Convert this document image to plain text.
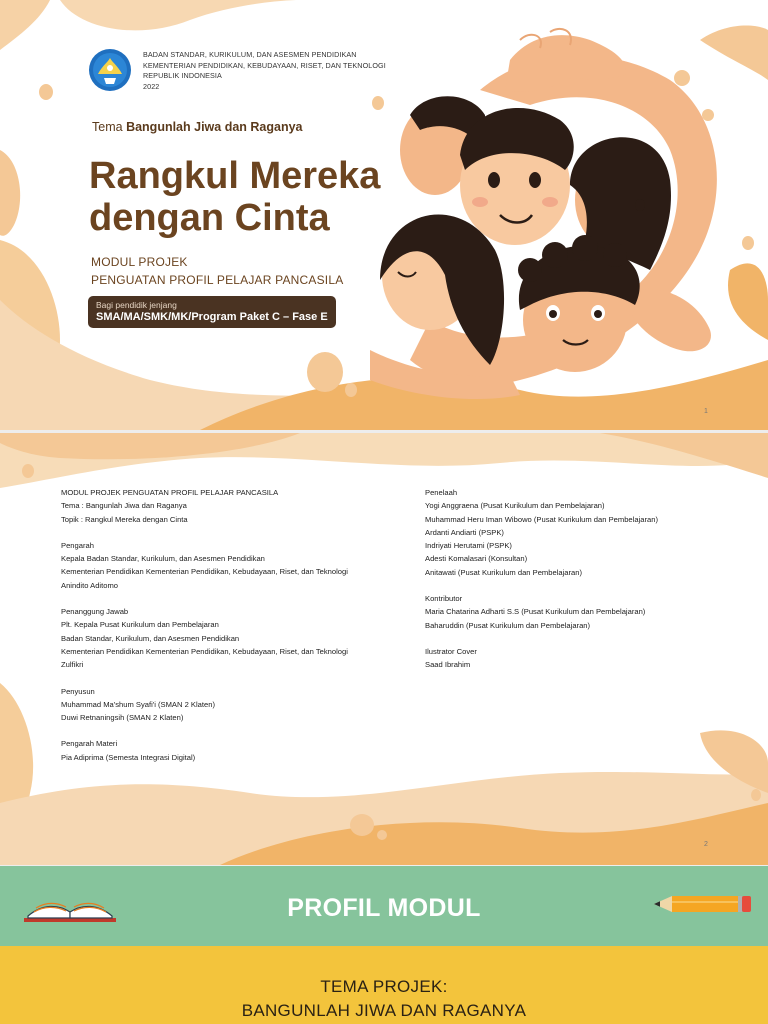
BADAN STANDAR, KURIKULUM, DAN ASESMEN PENDIDIKAN
KEMENTERIAN PENDIDIKAN, KEBUDAYAAN, RISET, DAN TEKNOLOGI
REPUBLIK INDONESIA
2022
Tema Bangunlah Jiwa dan Raganya
Rangkul Mereka
dengan Cinta
MODUL PROJEK
PENGUATAN PROFIL PELAJAR PANCASILA
Bagi pendidik jenjang
SMA/MA/SMK/MK/Program Paket C – Fase E
1
MODUL PROJEK PENGUATAN PROFIL PELAJAR PANCASILA
Tema : Bangunlah Jiwa dan Raganya
Topik : Rangkul Mereka dengan Cinta
Pengarah
Kepala Badan Standar, Kurikulum, dan Asesmen Pendidikan
Kementerian Pendidikan Kementerian Pendidikan, Kebudayaan, Riset, dan Teknologi
Anindito Aditomo
Penanggung Jawab
Plt. Kepala Pusat Kurikulum dan Pembelajaran
Badan Standar, Kurikulum, dan Asesmen Pendidikan
Kementerian Pendidikan Kementerian Pendidikan, Kebudayaan, Riset, dan Teknologi
Zulfikri
Penyusun
Muhammad Ma'shum Syafi'i (SMAN 2 Klaten)
Duwi Retnaningsih (SMAN 2 Klaten)
Pengarah Materi
Pia Adiprima (Semesta Integrasi Digital)
Penelaah
Yogi Anggraena (Pusat Kurikulum dan Pembelajaran)
Muhammad Heru Iman Wibowo (Pusat Kurikulum dan Pembelajaran)
Ardanti Andiarti (PSPK)
Indriyati Herutami (PSPK)
Adesti Komalasari (Konsultan)
Anitawati (Pusat Kurikulum dan Pembelajaran)
Kontributor
Maria Chatarina Adharti S.S (Pusat Kurikulum dan Pembelajaran)
Baharuddin (Pusat Kurikulum dan Pembelajaran)
Ilustrator Cover
Saad Ibrahim
2
PROFIL MODUL
TEMA PROJEK:
BANGUNLAH JIWA DAN RAGANYA
